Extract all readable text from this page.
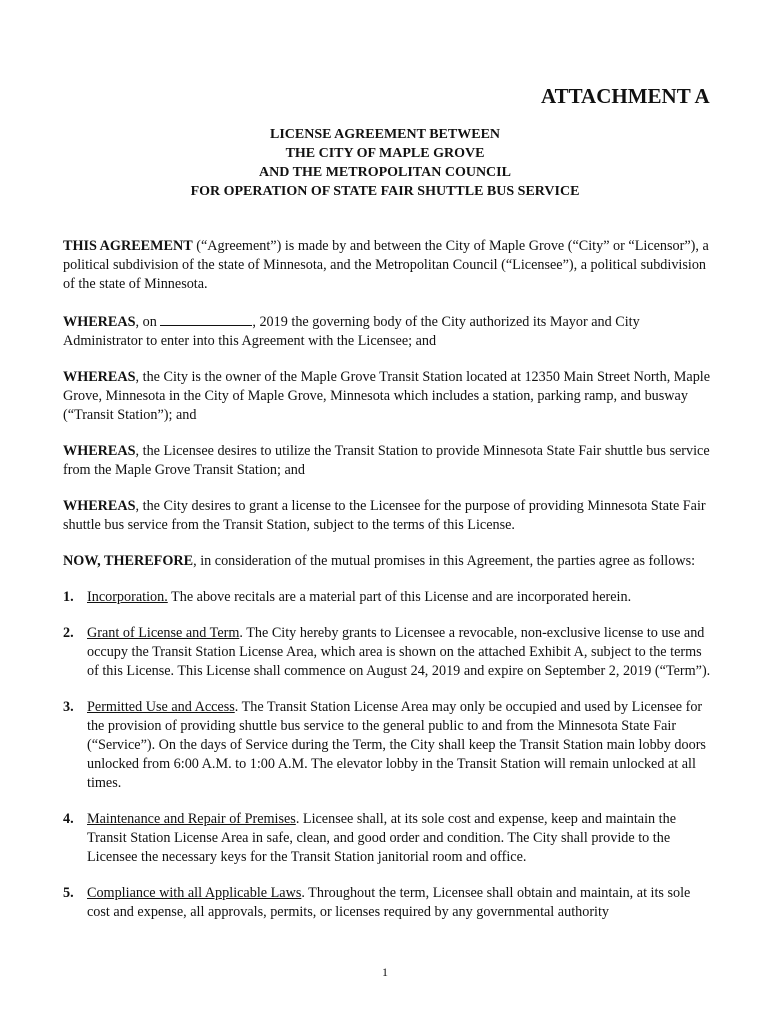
ATTACHMENT A
LICENSE AGREEMENT BETWEEN
THE CITY OF MAPLE GROVE
AND THE METROPOLITAN COUNCIL
FOR OPERATION OF STATE FAIR SHUTTLE BUS SERVICE

THIS AGREEMENT (“Agreement”) is made by and between the City of Maple Grove (“City” or “Licensor”), a political subdivision of the state of Minnesota, and the Metropolitan Council (“Licensee”), a political subdivision of the state of Minnesota.

WHEREAS, on	, 2019 the governing body of the City authorized its Mayor and City Administrator to enter into this Agreement with the Licensee; and

WHEREAS, the City is the owner of the Maple Grove Transit Station located at 12350 Main Street North, Maple Grove, Minnesota in the City of Maple Grove, Minnesota which includes a station, parking ramp, and busway (“Transit Station”); and

WHEREAS, the Licensee desires to utilize the Transit Station to provide Minnesota State Fair shuttle bus service from the Maple Grove Transit Station; and

WHEREAS, the City desires to grant a license to the Licensee for the purpose of providing Minnesota State Fair shuttle bus service from the Transit Station, subject to the terms of this License.

NOW, THEREFORE, in consideration of the mutual promises in this Agreement, the parties agree as follows:

1. Incorporation. The above recitals are a material part of this License and are incorporated herein.
2. Grant of License and Term. The City hereby grants to Licensee a revocable, non-exclusive license to use and occupy the Transit Station License Area, which area is shown on the attached Exhibit A, subject to the terms of this License. This License shall commence on August 24, 2019 and expire on September 2, 2019 (“Term”).
3. Permitted Use and Access. The Transit Station License Area may only be occupied and used by Licensee for the provision of providing shuttle bus service to the general public to and from the Minnesota State Fair (“Service”). On the days of Service during the Term, the City shall keep the Transit Station main lobby doors unlocked from 6:00 A.M. to 1:00 A.M. The elevator lobby in the Transit Station will remain unlocked at all times.
4. Maintenance and Repair of Premises. Licensee shall, at its sole cost and expense, keep and maintain the Transit Station License Area in safe, clean, and good order and condition. The City shall provide to the Licensee the necessary keys for the Transit Station janitorial room and office.
5. Compliance with all Applicable Laws. Throughout the term, Licensee shall obtain and maintain, at its sole cost and expense, all approvals, permits, or licenses required by any governmental authority
1
